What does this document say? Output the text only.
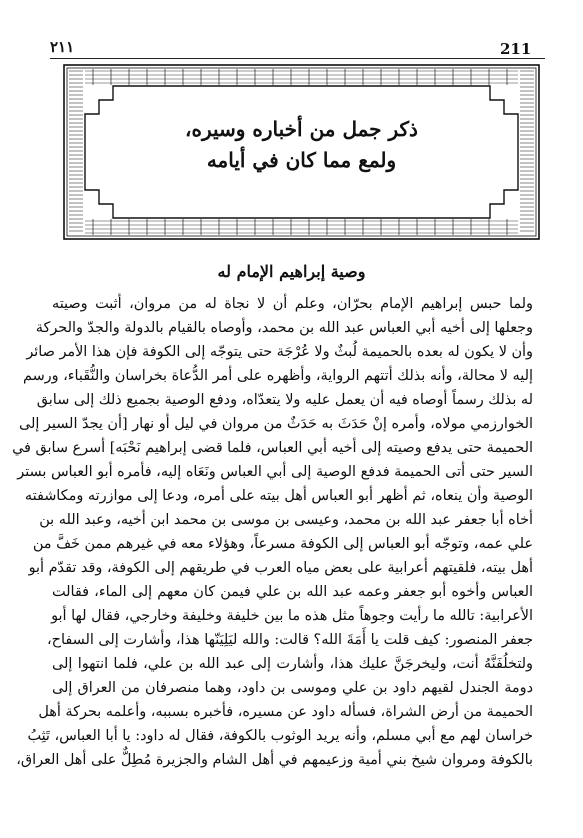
211
٢١١
ذكر جمل من أخباره وسيره،
ولمع مما كان في أيامه
وصية إبراهيم الإمام له
ولما حبس إبراهيم الإمام بحرّان، وعلم أن لا نجاة له من مروان، أثبت وصيته
وجعلها إلى أخيه أبي العباس عبد الله بن محمد، وأوصاه بالقيام بالدولة والجدّ والحركة
وأن لا يكون له بعده بالحميمة لُبثٌ ولا عُرْجَة حتى يتوجّه إلى الكوفة فإن هذا الأمر صائر
إليه لا محالة، وأنه بذلك أتتهم الرواية، وأظهره على أمر الدُّعاة بخراسان والنُّقَباء، ورسم
له بذلك رسماً أوصاه فيه أن يعمل عليه ولا يتعدّاه، ودفع الوصية بجميع ذلك إلى سابق
الخوارزمي مولاه، وأمره إنْ حَدَثَ به حَدَثٌ من مروان في ليل أو نهار [أن يجدّ السير إلى
الحميمة حتى يدفع وصيته إلى أخيه أبي العباس، فلما قضى إبراهيم نَحْبَه] أسرع سابق في
السير حتى أتى الحميمة فدفع الوصية إلى أبي العباس ونَعَاه إليه، فأمره أبو العباس بستر
الوصية وأن ينعاه، ثم أظهر أبو العباس أهل بيته على أمره، ودعا إلى موازرته ومكاشفته
أخاه أبا جعفر عبد الله بن محمد، وعيسى بن موسى بن محمد ابن أخيه، وعبد الله بن
علي عمه، وتوجّه أبو العباس إلى الكوفة مسرعاً، وهؤلاء معه في غيرهم ممن خَفَّ من
أهل بيته، فلقيتهم أعرابية على بعض مياه العرب في طريقهم إلى الكوفة، وقد تقدّم أبو
العباس وأخوه أبو جعفر وعمه عبد الله بن علي فيمن كان معهم إلى الماء، فقالت
الأعرابية: تالله ما رأيت وجوهاً مثل هذه ما بين خليفة وخليفة وخارجي، فقال لها أبو
جعفر المنصور: كيف قلت يا أَمَةَ الله؟ قالت: والله ليَلِيَنّها هذا، وأشارت إلى السفاح،
ولتخلُفَنَّهُ أنت، وليخرجَنَّ عليك هذا، وأشارت إلى عبد الله بن علي، فلما انتهوا إلى
دومة الجندل لقيهم داود بن علي وموسى بن داود، وهما منصرفان من العراق إلى
الحميمة من أرض الشراة، فسأله داود عن مسيره، فأخبره بسببه، وأعلمه بحركة أهل
خراسان لهم مع أبي مسلم، وأنه يريد الوثوب بالكوفة، فقال له داود: يا أبا العباس، تَثِبُ
بالكوفة ومروان شيخ بني أمية وزعيمهم في أهل الشام والجزيرة مُطِلٌّ على أهل العراق،
